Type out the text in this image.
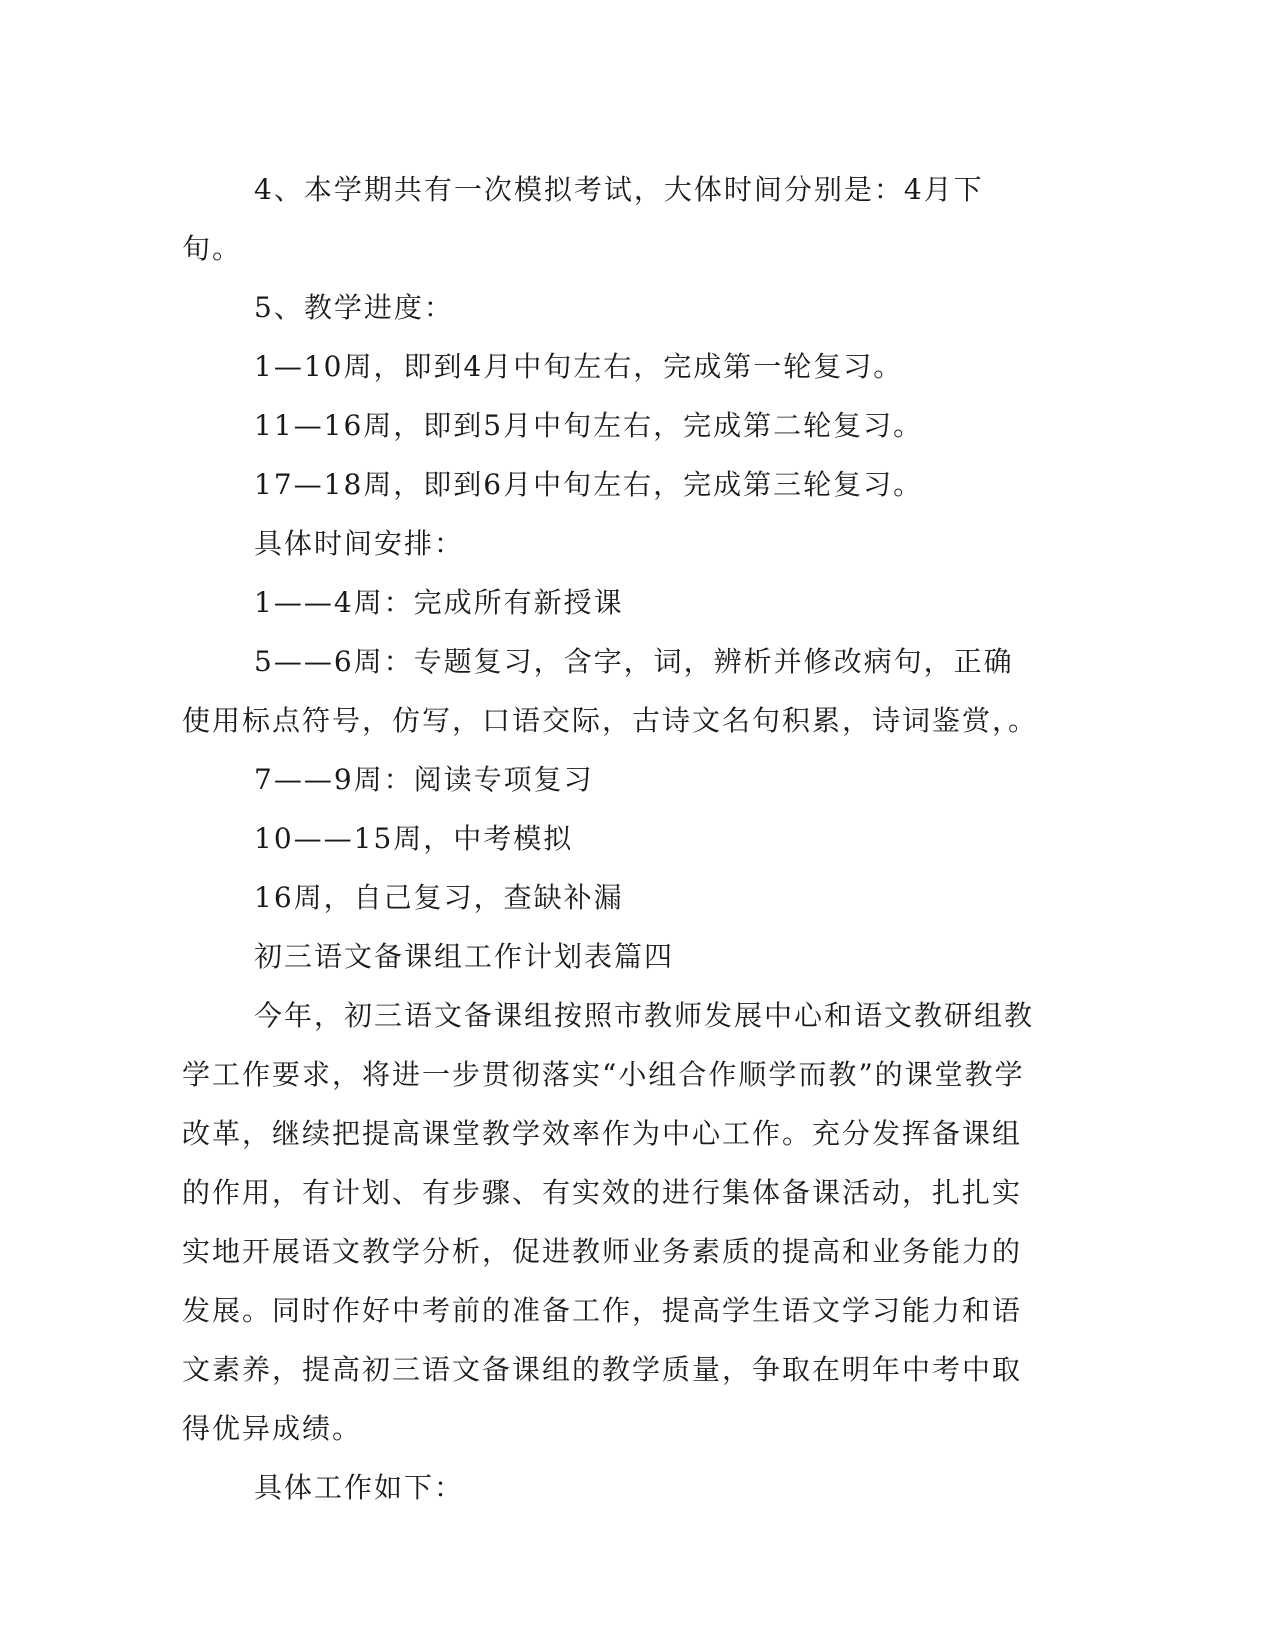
4、本学期共有一次模拟考试，大体时间分别是：4月下旬。

5、教学进度：

1—10周，即到4月中旬左右，完成第一轮复习。

11—16周，即到5月中旬左右，完成第二轮复习。

17—18周，即到6月中旬左右，完成第三轮复习。

具体时间安排：

1——4周：完成所有新授课

5——6周：专题复习，含字，词，辨析并修改病句，正确使用标点符号，仿写，口语交际，古诗文名句积累，诗词鉴赏，。

7——9周：阅读专项复习

10——15周，中考模拟

16周，自己复习，查缺补漏

初三语文备课组工作计划表篇四

今年，初三语文备课组按照市教师发展中心和语文教研组教学工作要求，将进一步贯彻落实“小组合作顺学而教”的课堂教学改革，继续把提高课堂教学效率作为中心工作。充分发挥备课组的作用，有计划、有步骤、有实效的进行集体备课活动，扎扎实实地开展语文教学分析，促进教师业务素质的提高和业务能力的发展。同时作好中考前的准备工作，提高学生语文学习能力和语文素养，提高初三语文备课组的教学质量，争取在明年中考中取得优异成绩。

具体工作如下：
